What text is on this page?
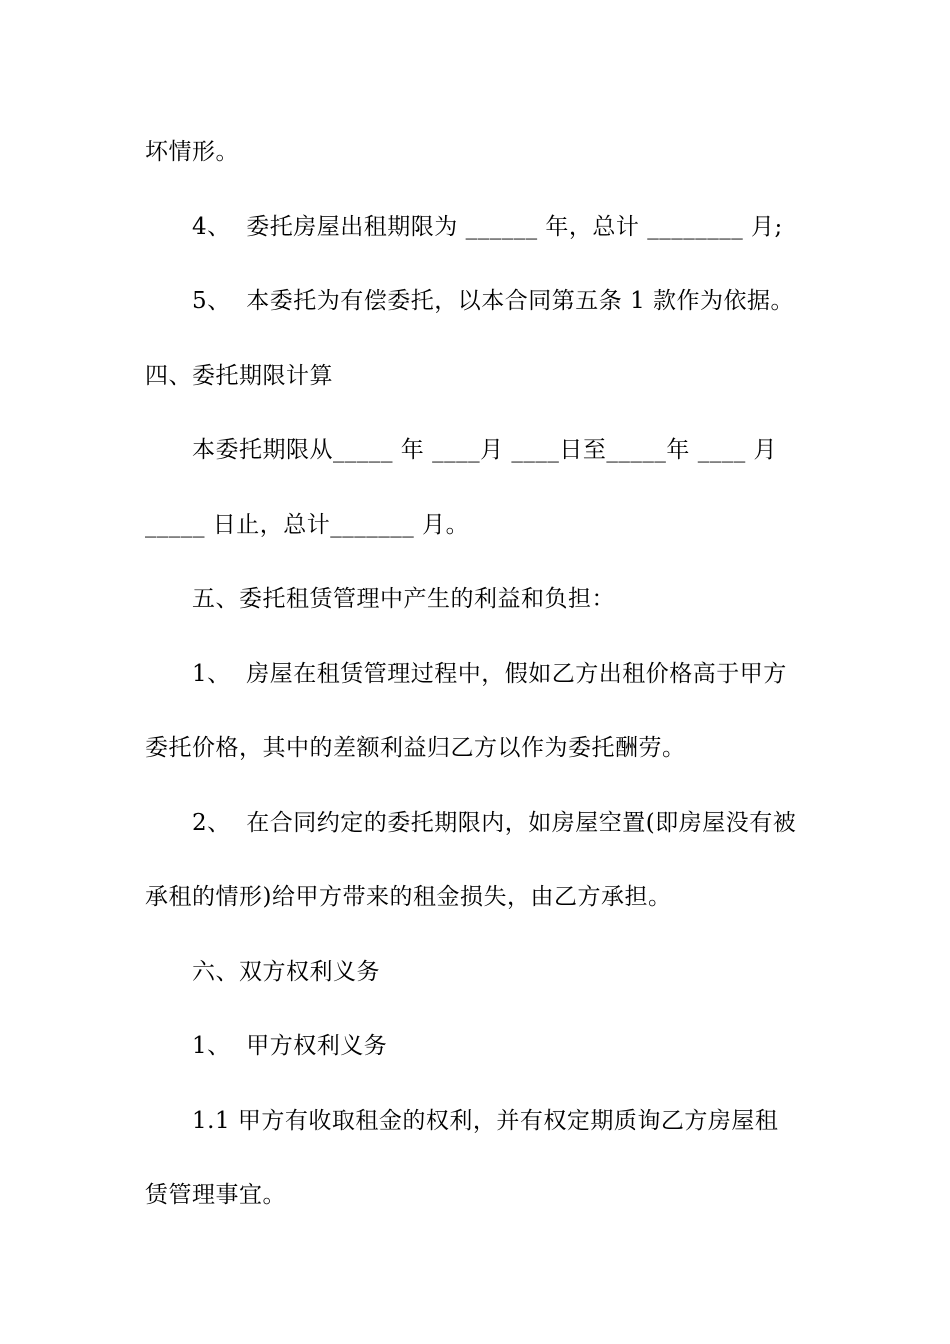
坏情形。
4、  委托房屋出租期限为 ______ 年，总计 ________ 月;
5、  本委托为有偿委托，以本合同第五条 1 款作为依据。
四、委托期限计算
本委托期限从_____ 年 ____月 ____日至_____年 ____ 月
_____ 日止，总计_______ 月。
五、委托租赁管理中产生的利益和负担：
1、  房屋在租赁管理过程中，假如乙方出租价格高于甲方
委托价格，其中的差额利益归乙方以作为委托酬劳。
2、  在合同约定的委托期限内，如房屋空置(即房屋没有被
承租的情形)给甲方带来的租金损失，由乙方承担。
六、双方权利义务
1、  甲方权利义务
1.1 甲方有收取租金的权利，并有权定期质询乙方房屋租
赁管理事宜。
